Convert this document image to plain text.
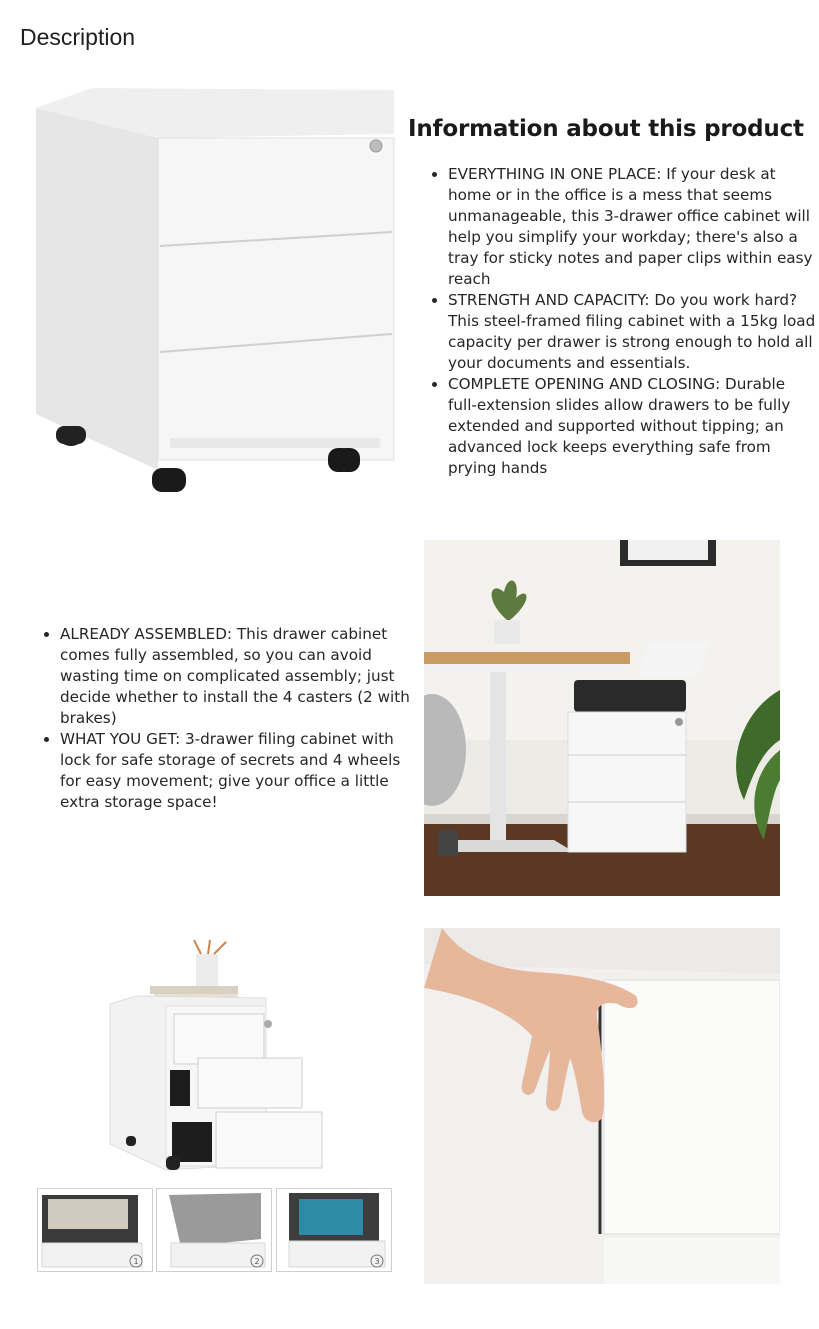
Description
Information about this product
• EVERYTHING IN ONE PLACE: If your desk at home or in the office is a mess that seems unmanageable, this 3-drawer office cabinet will help you simplify your workday; there's also a tray for sticky notes and paper clips within easy reach
• STRENGTH AND CAPACITY: Do you work hard? This steel-framed filing cabinet with a 15kg load capacity per drawer is strong enough to hold all your documents and essentials.
• COMPLETE OPENING AND CLOSING: Durable full-extension slides allow drawers to be fully extended and supported without tipping; an advanced lock keeps everything safe from prying hands
• ALREADY ASSEMBLED: This drawer cabinet comes fully assembled, so you can avoid wasting time on complicated assembly; just decide whether to install the 4 casters (2 with brakes)
• WHAT YOU GET: 3-drawer filing cabinet with lock for safe storage of secrets and 4 wheels for easy movement; give your office a little extra storage space!
1	2	3
